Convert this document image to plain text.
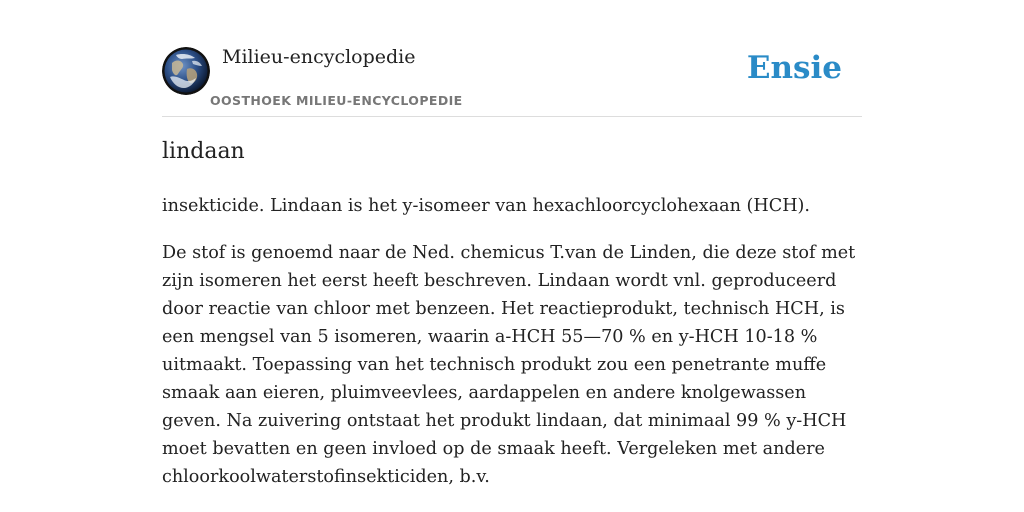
Milieu-encyclopedie
OOSTHOEK MILIEU-ENCYCLOPEDIE
Ensie
lindaan

insekticide. Lindaan is het y-isomeer van hexachloorcyclohexaan (HCH).

De stof is genoemd naar de Ned. chemicus T.van de Linden, die deze stof met zijn isomeren het eerst heeft beschreven. Lindaan wordt vnl. geproduceerd door reactie van chloor met benzeen. Het reactieprodukt, technisch HCH, is een mengsel van 5 isomeren, waarin a-HCH 55—70 % en y-HCH 10-18 % uitmaakt. Toepassing van het technisch produkt zou een penetrante muffe smaak aan eieren, pluimveevlees, aardappelen en andere knolgewassen geven. Na zuivering ontstaat het produkt lindaan, dat minimaal 99 % y-HCH moet bevatten en geen invloed op de smaak heeft. Vergeleken met andere chloorkoolwaterstofinsekticiden, b.v.
